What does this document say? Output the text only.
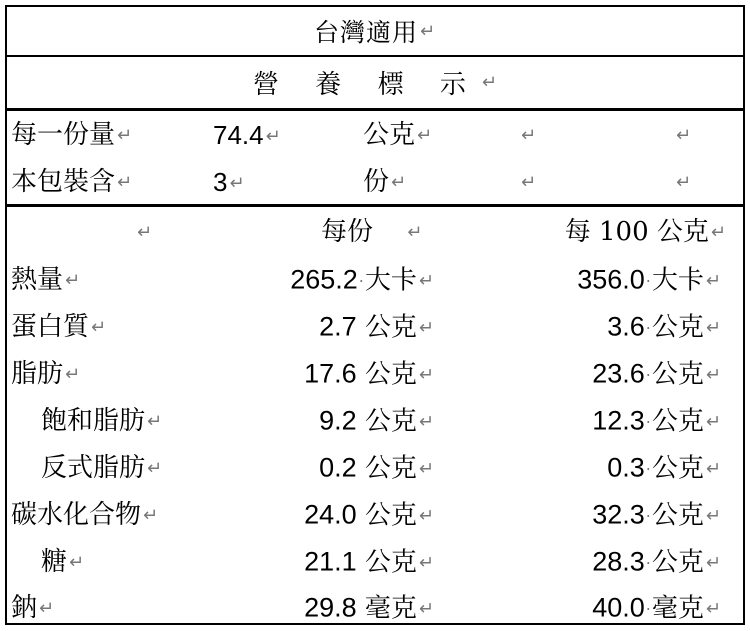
台灣適用 ↵
營 養 標 示 ↵
每一份量 ↵	74.4 ↵	公克 ↵	↵	↵
本包裝含 ↵	3 ↵	份 ↵	↵	↵
↵	每份 ↵	每 100 公克 ↵
熱量 ↵	265.2·大卡 ↵	356.0·大卡 ↵
蛋白質 ↵	2.7 公克 ↵	3.6·公克 ↵
脂肪 ↵	17.6 公克 ↵	23.6·公克 ↵
飽和脂肪 ↵	9.2 公克 ↵	12.3·公克 ↵
反式脂肪 ↵	0.2 公克 ↵	0.3·公克 ↵
碳水化合物 ↵	24.0 公克 ↵	32.3·公克 ↵
糖 ↵	21.1 公克 ↵	28.3·公克 ↵
鈉 ↵	29.8 毫克 ↵	40.0·毫克 ↵
